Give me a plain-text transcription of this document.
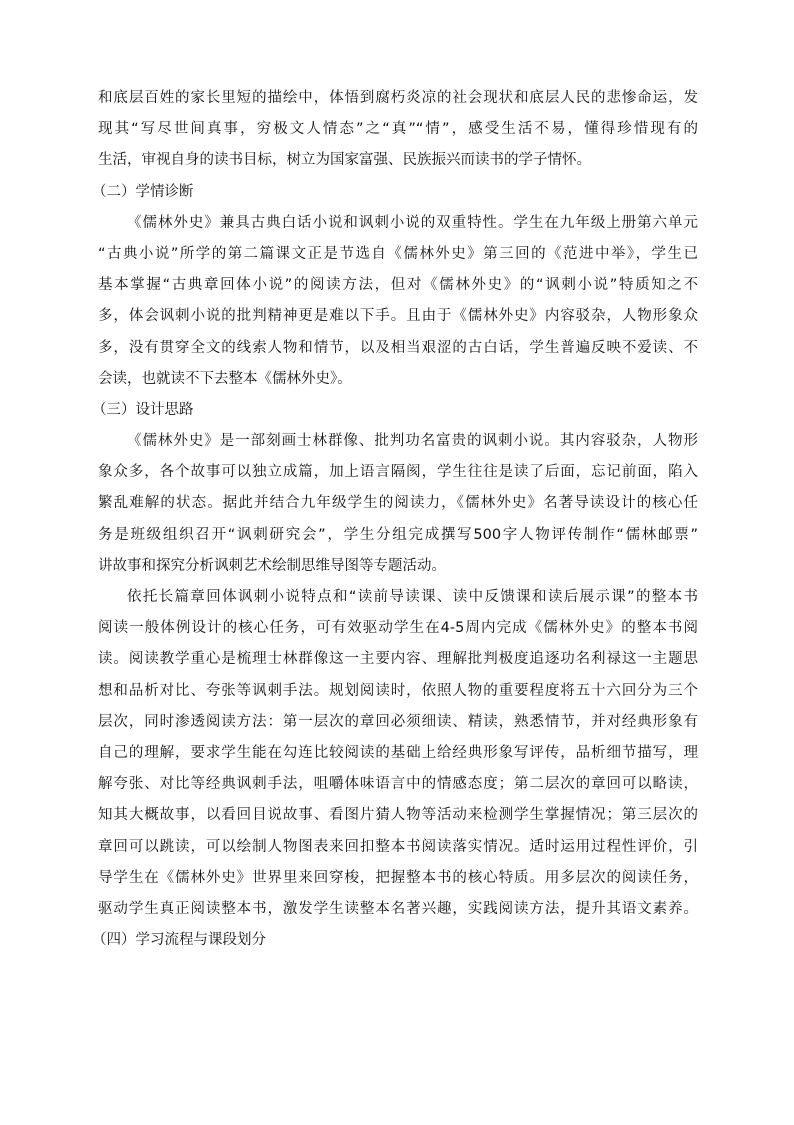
和底层百姓的家长里短的描绘中，体悟到腐朽炎凉的社会现状和底层人民的悲惨命运，发
现其“写尽世间真事，穷极文人情态”之“真”“情”，感受生活不易，懂得珍惜现有的
生活，审视自身的读书目标，树立为国家富强、民族振兴而读书的学子情怀。
（二）学情诊断
《儒林外史》兼具古典白话小说和讽刺小说的双重特性。学生在九年级上册第六单元
“古典小说”所学的第二篇课文正是节选自《儒林外史》第三回的《范进中举》，学生已
基本掌握“古典章回体小说”的阅读方法，但对《儒林外史》的“讽刺小说”特质知之不
多，体会讽刺小说的批判精神更是难以下手。且由于《儒林外史》内容驳杂，人物形象众
多，没有贯穿全文的线索人物和情节，以及相当艰涩的古白话，学生普遍反映不爱读、不
会读，也就读不下去整本《儒林外史》。
（三）设计思路
《儒林外史》是一部刻画士林群像、批判功名富贵的讽刺小说。其内容驳杂，人物形
象众多，各个故事可以独立成篇，加上语言隔阂，学生往往是读了后面，忘记前面，陷入
繁乱难解的状态。据此并结合九年级学生的阅读力，《儒林外史》名著导读设计的核心任
务是班级组织召开“讽刺研究会”，学生分组完成撰写500字人物评传制作“儒林邮票”
讲故事和探究分析讽刺艺术绘制思维导图等专题活动。
依托长篇章回体讽刺小说特点和“读前导读课、读中反馈课和读后展示课”的整本书
阅读一般体例设计的核心任务，可有效驱动学生在4-5周内完成《儒林外史》的整本书阅
读。阅读教学重心是梳理士林群像这一主要内容、理解批判极度追逐功名利禄这一主题思
想和品析对比、夸张等讽刺手法。规划阅读时，依照人物的重要程度将五十六回分为三个
层次，同时渗透阅读方法：第一层次的章回必须细读、精读，熟悉情节，并对经典形象有
自己的理解，要求学生能在勾连比较阅读的基础上给经典形象写评传，品析细节描写，理
解夸张、对比等经典讽刺手法，咀嚼体味语言中的情感态度；第二层次的章回可以略读，
知其大概故事，以看回目说故事、看图片猜人物等活动来检测学生掌握情况；第三层次的
章回可以跳读，可以绘制人物图表来回扣整本书阅读落实情况。适时运用过程性评价，引
导学生在《儒林外史》世界里来回穿梭，把握整本书的核心特质。用多层次的阅读任务，
驱动学生真正阅读整本书，激发学生读整本名著兴趣，实践阅读方法，提升其语文素养。
（四）学习流程与课段划分
